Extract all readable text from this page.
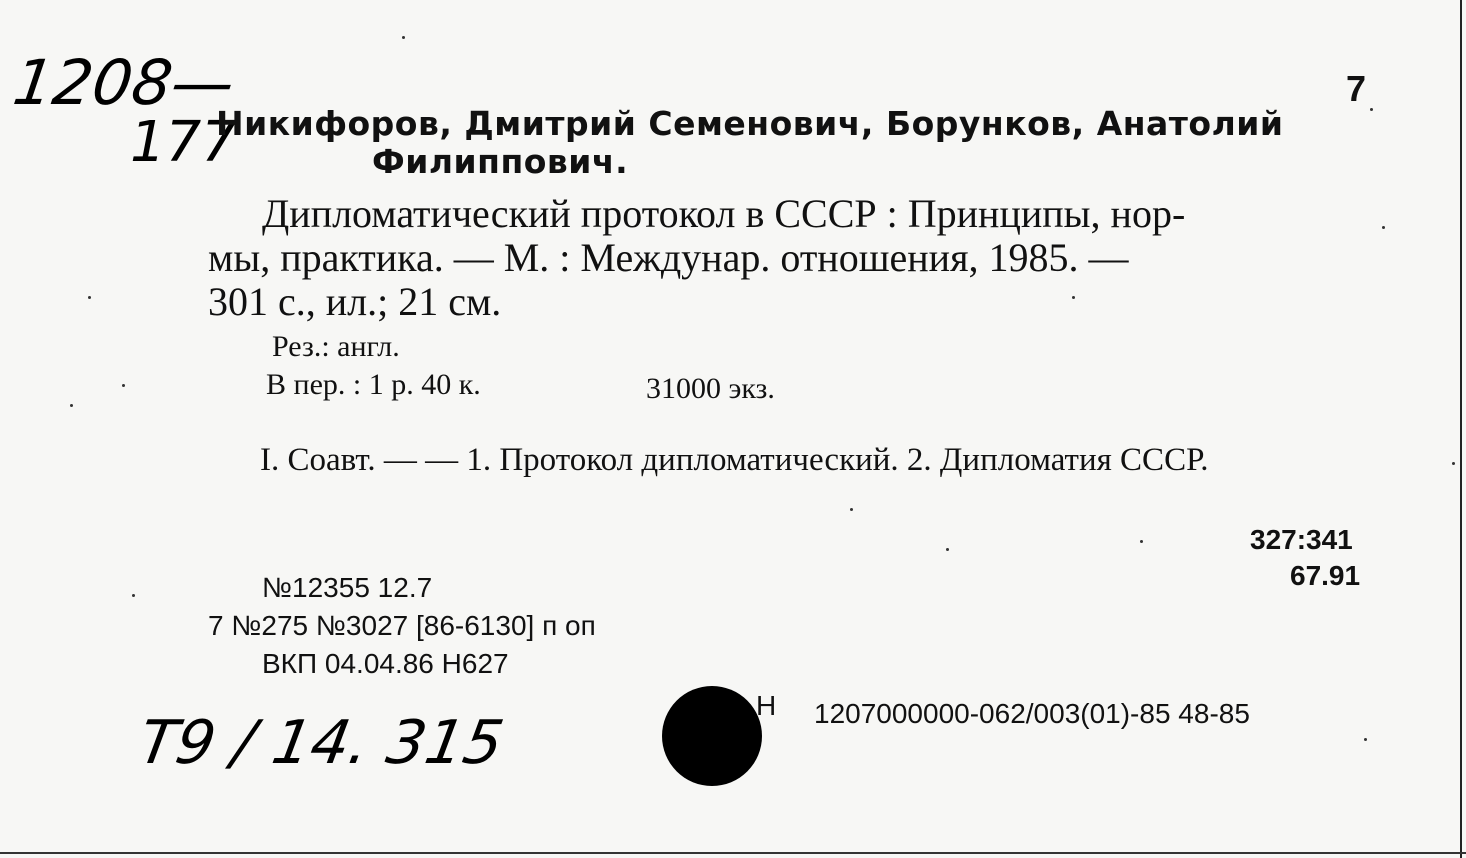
1208—
177
7
Никифоров, Дмитрий Семенович, Борунков, Анатолий
Филиппович.
Дипломатический протокол в СССР : Принципы, нор-
мы, практика. — М. : Междунар. отношения, 1985. —
301 с., ил.; 21 см.
Рез.: англ.
В пер. : 1 р. 40 к.	31000 экз.
I. Соавт. — — 1. Протокол дипломатический. 2. Дипломатия СССР.
327:341
67.91
№12355 12.7
7 №275 №3027 [86-6130] п оп
ВКП 04.04.86 Н627
Н 1207000000-062/003(01)-85 48-85
Т9 / 14. 315
